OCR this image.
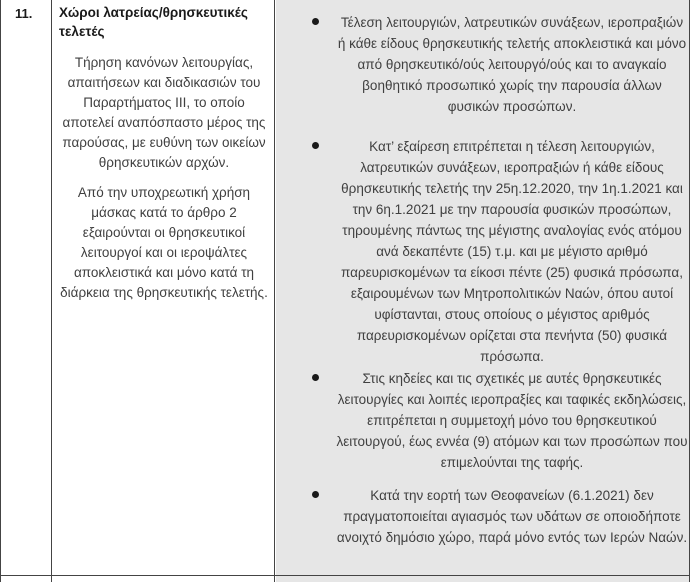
11. Χώροι λατρείας/θρησκευτικές τελετές
Τήρηση κανόνων λειτουργίας, απαιτήσεων και διαδικασιών του Παραρτήματος ΙΙΙ, το οποίο αποτελεί αναπόσπαστο μέρος της παρούσας, με ευθύνη των οικείων θρησκευτικών αρχών.
Από την υποχρεωτική χρήση μάσκας κατά το άρθρο 2 εξαιρούνται οι θρησκευτικοί λειτουργοί και οι ιεροψάλτες αποκλειστικά και μόνο κατά τη διάρκεια της θρησκευτικής τελετής.
Τέλεση λειτουργιών, λατρευτικών συνάξεων, ιεροπραξιών ή κάθε είδους θρησκευτικής τελετής αποκλειστικά και μόνο από θρησκευτικό/ούς λειτουργό/ούς και το αναγκαίο βοηθητικό προσωπικό χωρίς την παρουσία άλλων φυσικών προσώπων.
Κατ’ εξαίρεση επιτρέπεται η τέλεση λειτουργιών, λατρευτικών συνάξεων, ιεροπραξιών ή κάθε είδους θρησκευτικής τελετής την 25η.12.2020, την 1η.1.2021 και την 6η.1.2021 με την παρουσία φυσικών προσώπων, τηρουμένης πάντως της μέγιστης αναλογίας ενός ατόμου ανά δεκαπέντε (15) τ.μ. και με μέγιστο αριθμό παρευρισκομένων τα είκοσι πέντε (25) φυσικά πρόσωπα, εξαιρουμένων των Μητροπολιτικών Ναών, όπου αυτοί υφίστανται, στους οποίους ο μέγιστος αριθμός παρευρισκομένων ορίζεται στα πενήντα (50) φυσικά πρόσωπα.
Στις κηδείες και τις σχετικές με αυτές θρησκευτικές λειτουργίες και λοιπές ιεροπραξίες και ταφικές εκδηλώσεις, επιτρέπεται η συμμετοχή μόνο του θρησκευτικού λειτουργού, έως εννέα (9) ατόμων και των προσώπων που επιμελούνται της ταφής.
Κατά την εορτή των Θεοφανείων (6.1.2021) δεν πραγματοποιείται αγιασμός των υδάτων σε οποιοδήποτε ανοιχτό δημόσιο χώρο, παρά μόνο εντός των Ιερών Ναών.
